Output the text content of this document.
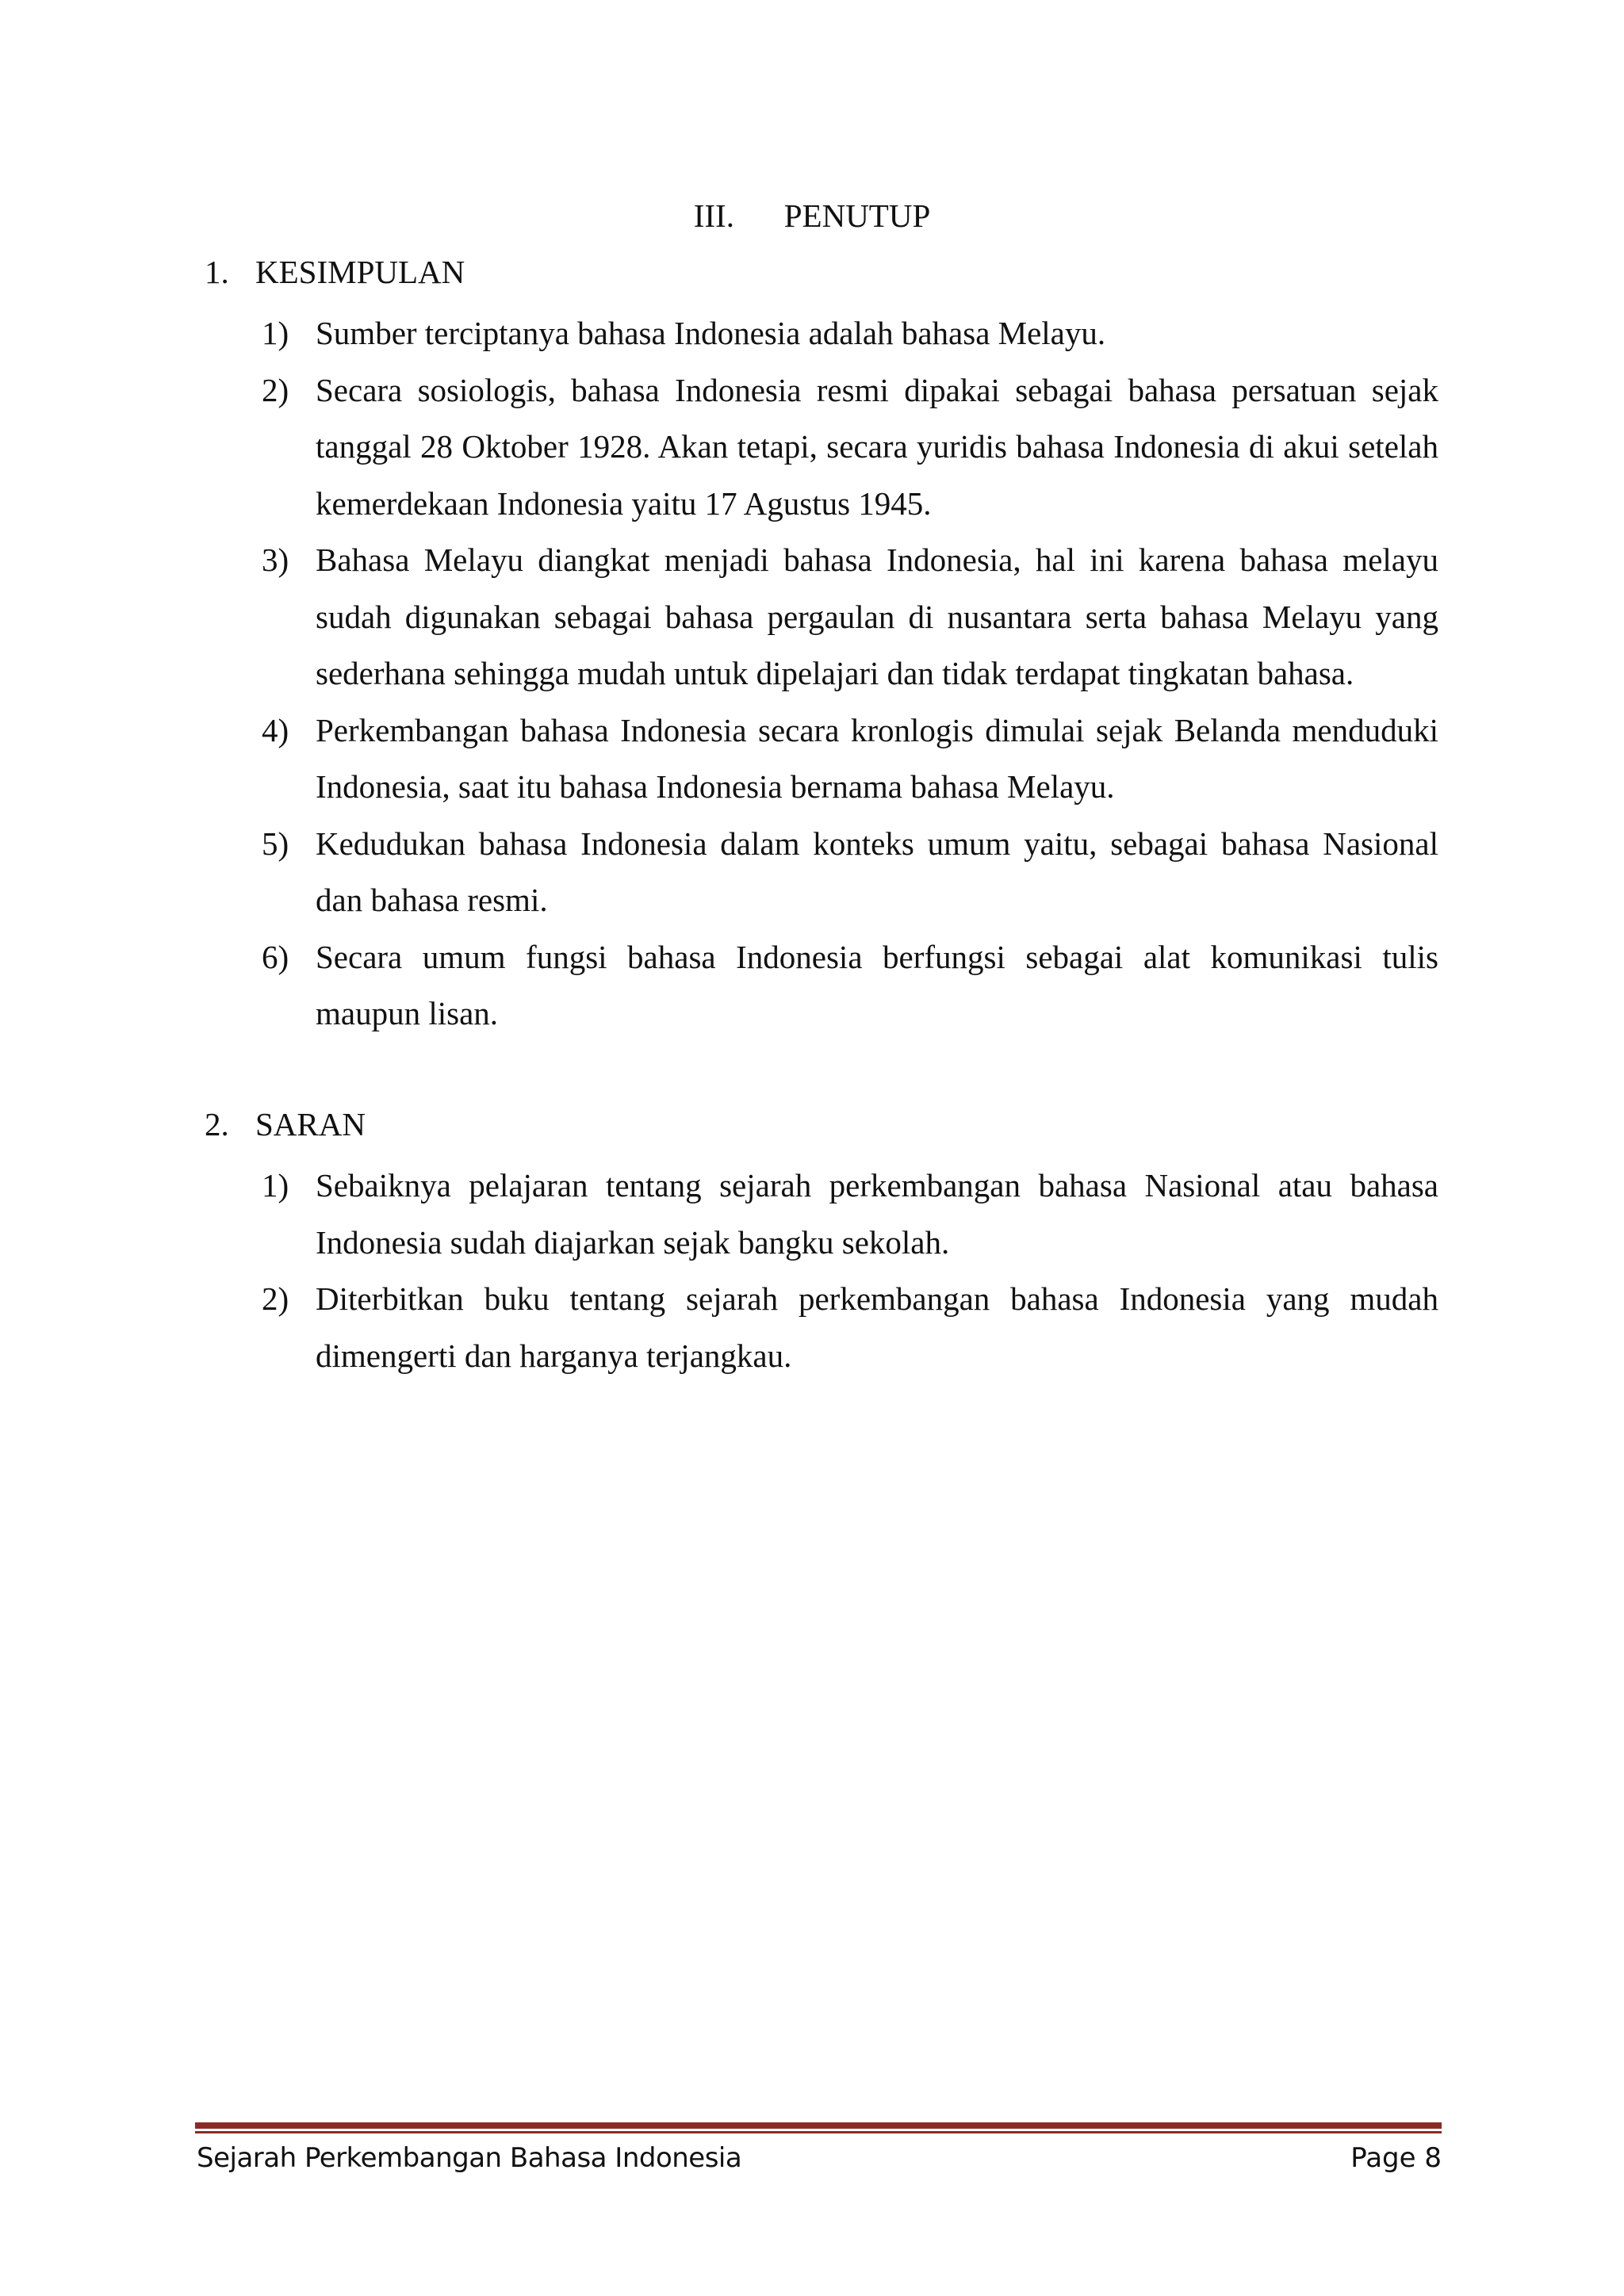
III. PENUTUP
1. KESIMPULAN
1) Sumber terciptanya bahasa Indonesia adalah bahasa Melayu.
2) Secara sosiologis, bahasa Indonesia resmi dipakai sebagai bahasa persatuan sejak tanggal 28 Oktober 1928. Akan tetapi, secara yuridis bahasa Indonesia di akui setelah kemerdekaan Indonesia yaitu 17 Agustus 1945.
3) Bahasa Melayu diangkat menjadi bahasa Indonesia, hal ini karena bahasa melayu sudah digunakan sebagai bahasa pergaulan di nusantara serta bahasa Melayu yang sederhana sehingga mudah untuk dipelajari dan tidak terdapat tingkatan bahasa.
4) Perkembangan bahasa Indonesia secara kronlogis dimulai sejak Belanda menduduki Indonesia, saat itu bahasa Indonesia bernama bahasa Melayu.
5) Kedudukan bahasa Indonesia dalam konteks umum yaitu, sebagai bahasa Nasional dan bahasa resmi.
6) Secara umum fungsi bahasa Indonesia berfungsi sebagai alat komunikasi tulis maupun lisan.
2. SARAN
1) Sebaiknya pelajaran tentang sejarah perkembangan bahasa Nasional atau bahasa Indonesia sudah diajarkan sejak bangku sekolah.
2) Diterbitkan buku tentang sejarah perkembangan bahasa Indonesia yang mudah dimengerti dan harganya terjangkau.
Sejarah Perkembangan Bahasa Indonesia	Page 8
